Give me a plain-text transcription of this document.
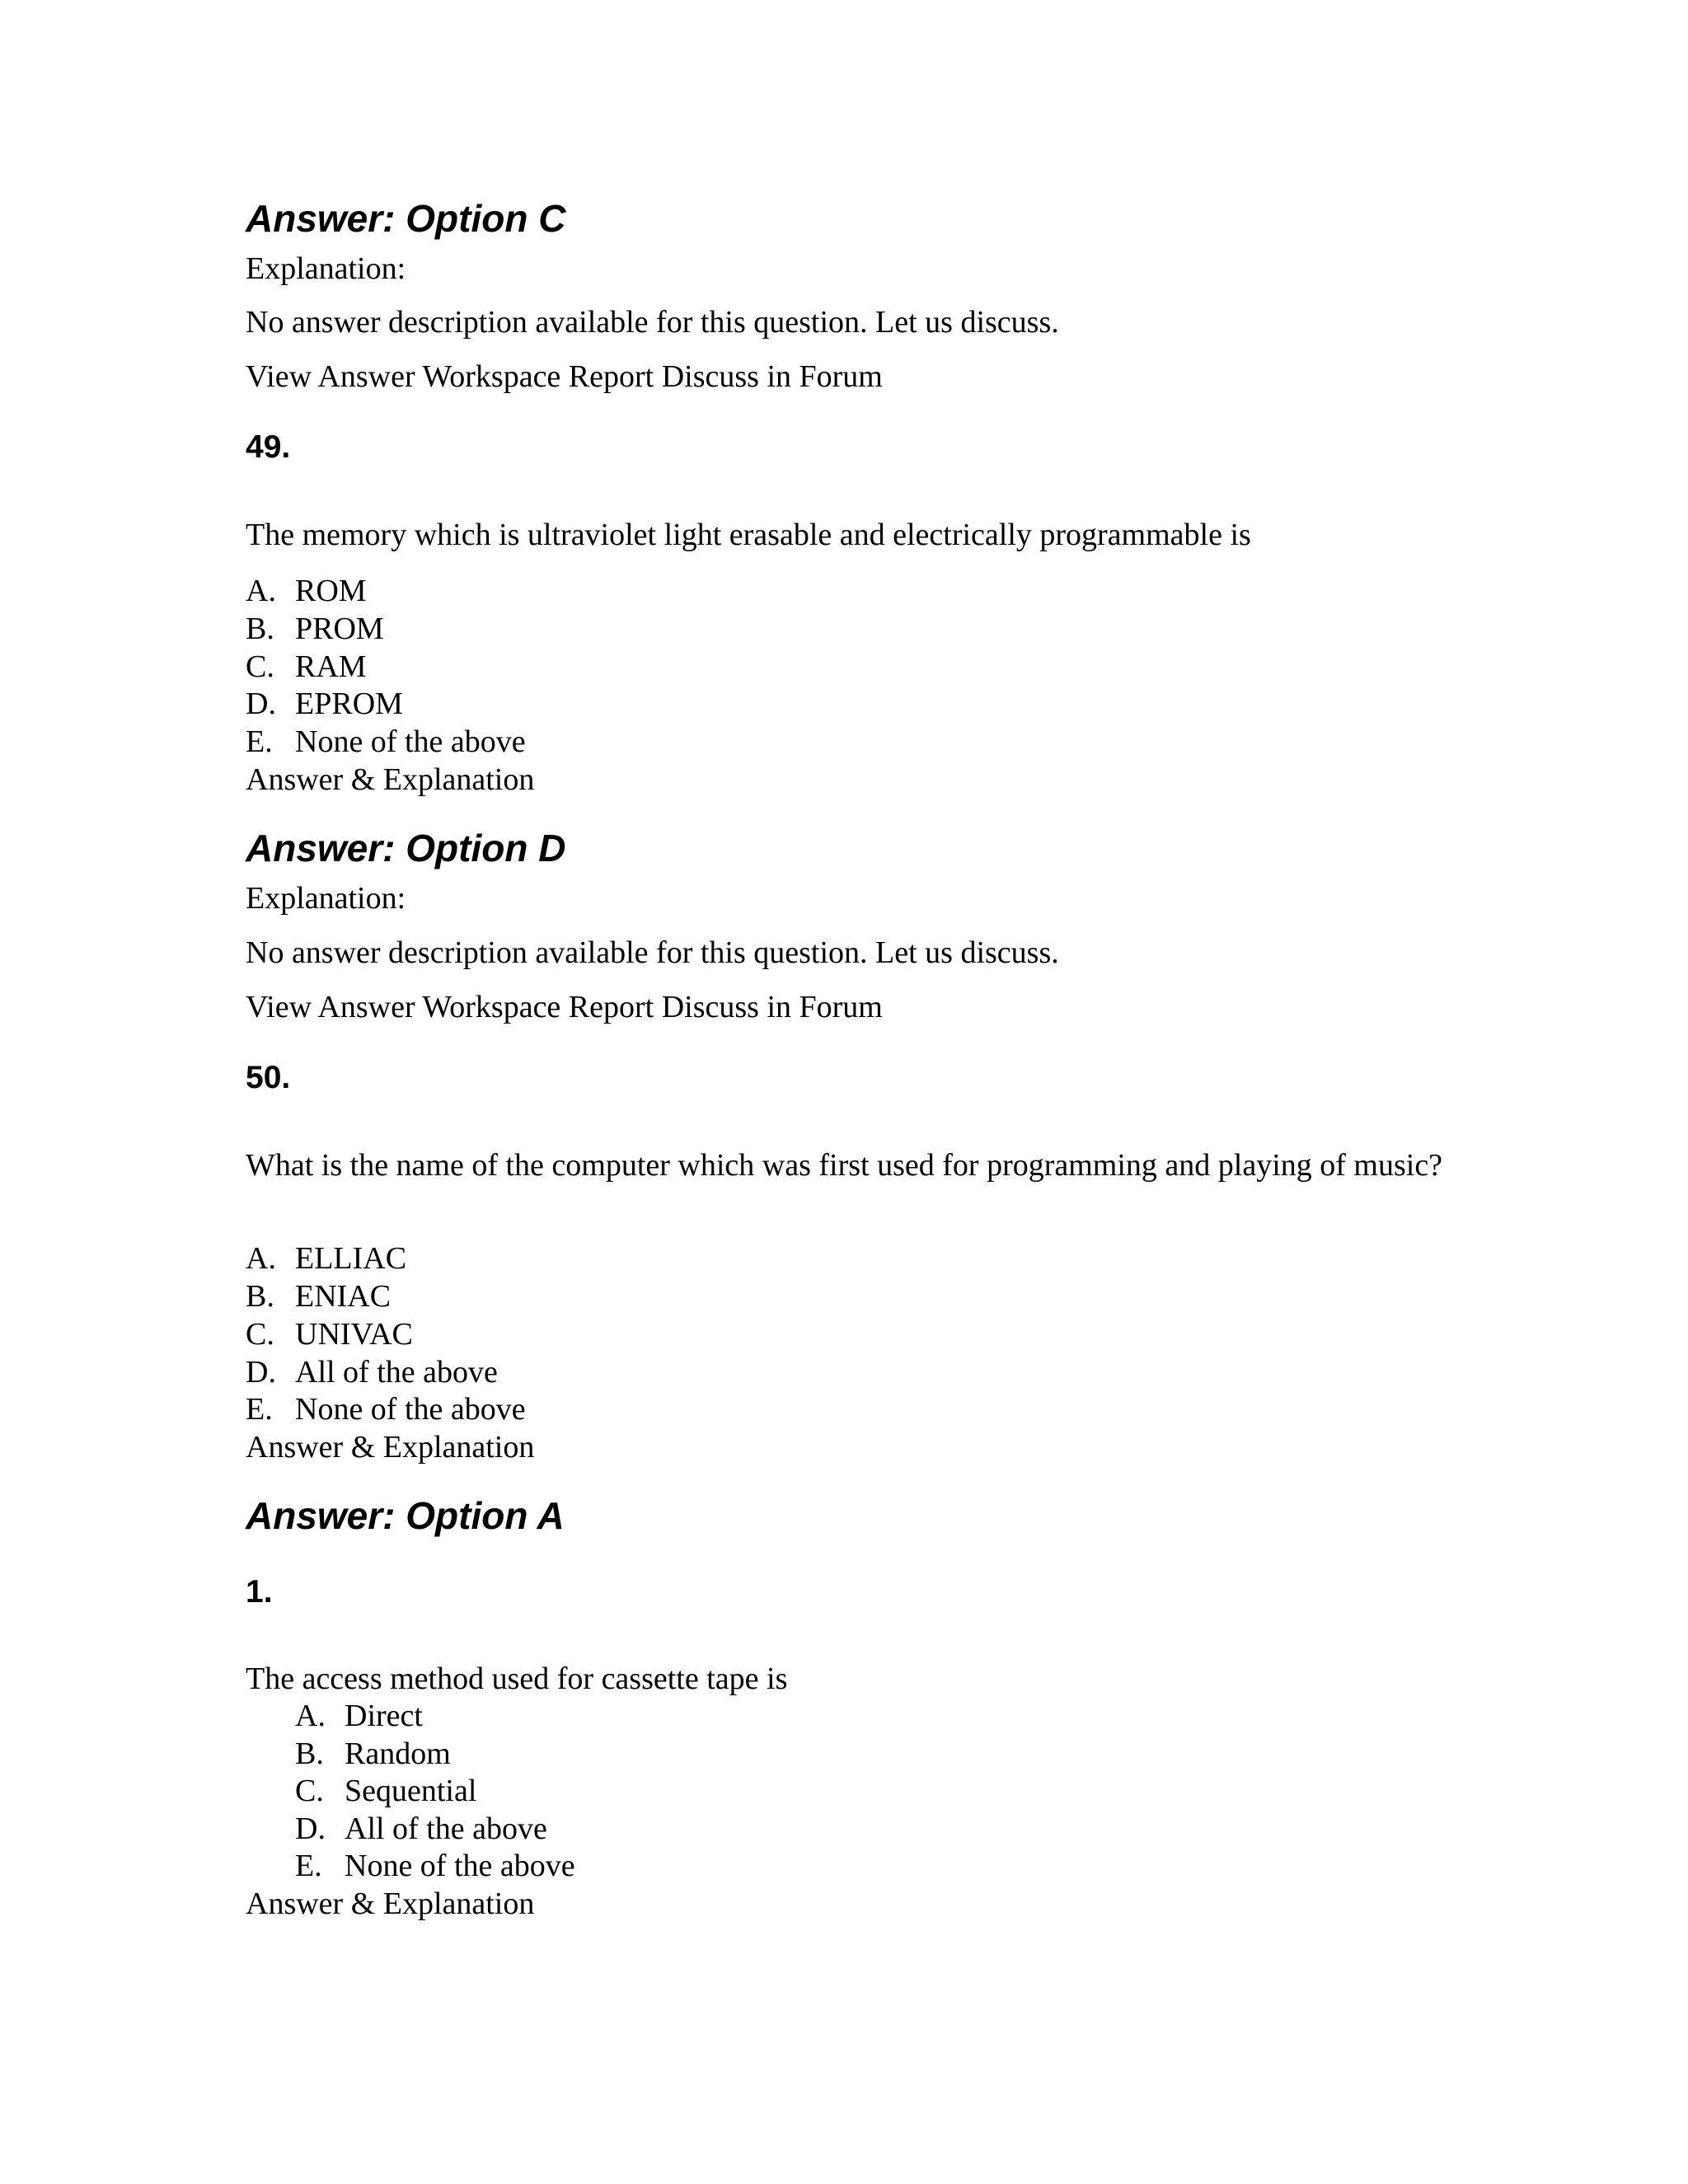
Answer: Option C
Explanation:
No answer description available for this question. Let us discuss.
View Answer Workspace Report Discuss in Forum
49.
The memory which is ultraviolet light erasable and electrically programmable is
A. ROM
B. PROM
C. RAM
D. EPROM
E. None of the above
Answer & Explanation
Answer: Option D
Explanation:
No answer description available for this question. Let us discuss.
View Answer Workspace Report Discuss in Forum
50.
What is the name of the computer which was first used for programming and playing of music?
A. ELLIAC
B. ENIAC
C. UNIVAC
D. All of the above
E. None of the above
Answer & Explanation
Answer: Option A
1.
The access method used for cassette tape is
A. Direct
B. Random
C. Sequential
D. All of the above
E. None of the above
Answer & Explanation
